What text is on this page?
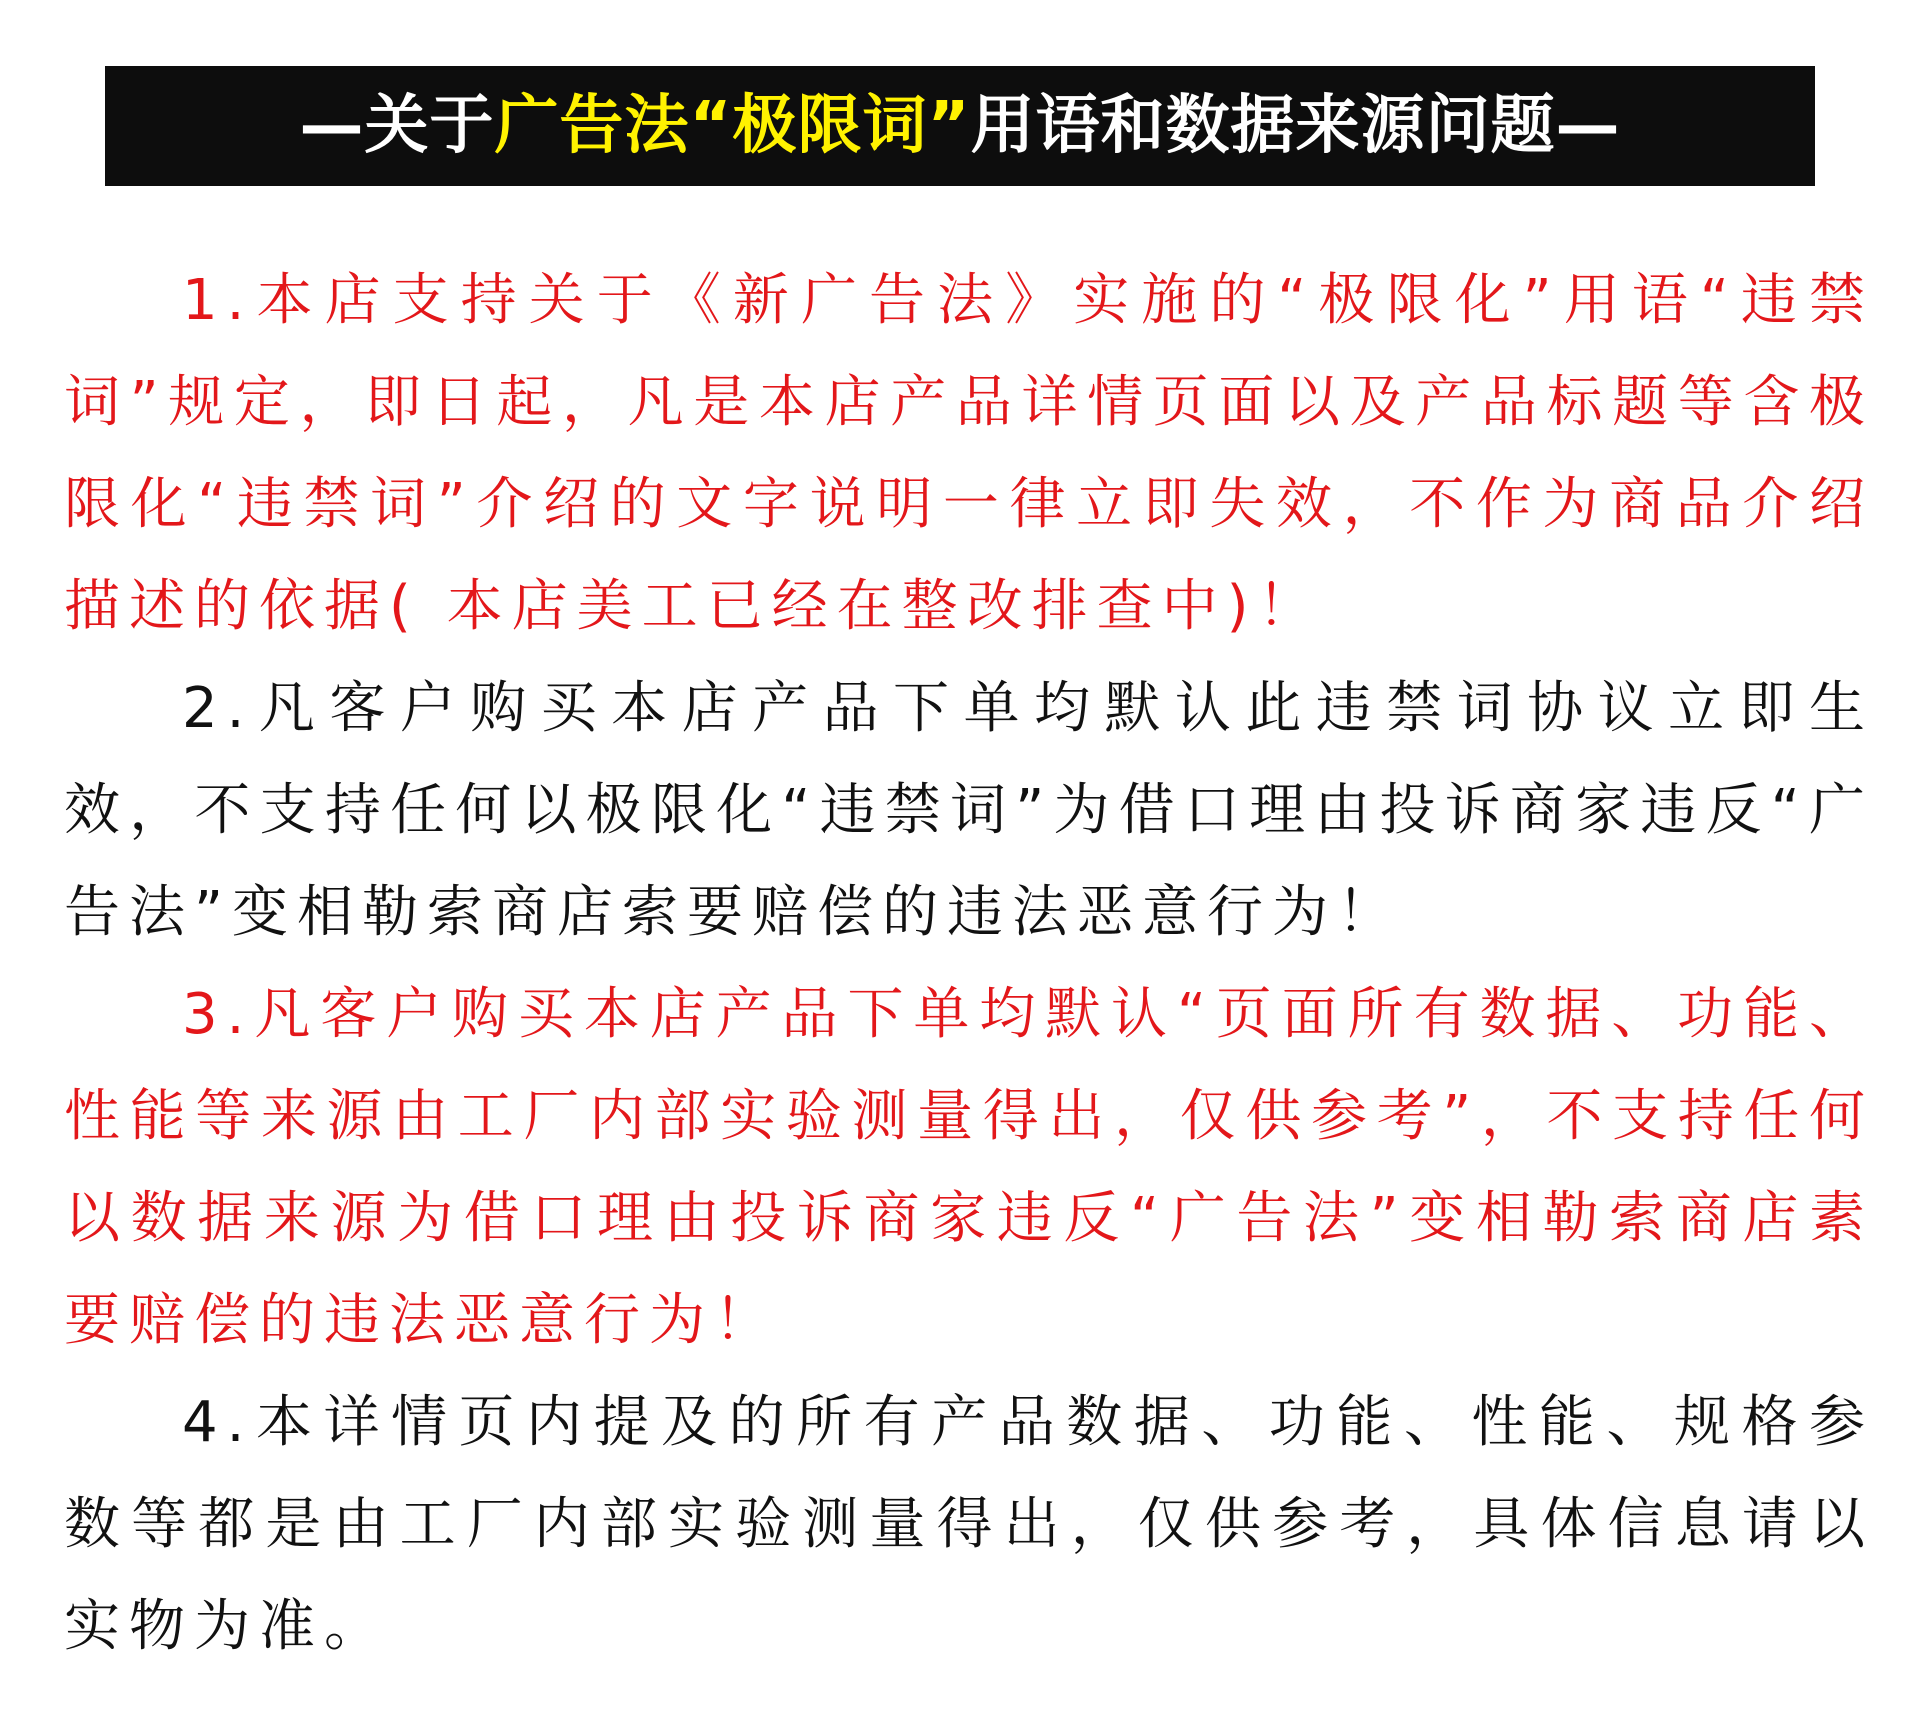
—关于广告法“极限词”用语和数据来源问题—

1.本店支持关于《新广告法》实施的“极限化”用语“违禁词”规定，即日起，凡是本店产品详情页面以及产品标题等含极限化“违禁词”介绍的文字说明一律立即失效，不作为商品介绍描述的依据( 本店美工已经在整改排查中)！

2.凡客户购买本店产品下单均默认此违禁词协议立即生效，不支持任何以极限化“违禁词”为借口理由投诉商家违反“广告法”变相勒索商店索要赔偿的违法恶意行为！

3.凡客户购买本店产品下单均默认“页面所有数据、功能、性能等来源由工厂内部实验测量得出，仅供参考”，不支持任何以数据来源为借口理由投诉商家违反“广告法”变相勒索商店素要赔偿的违法恶意行为！

4.本详情页内提及的所有产品数据、功能、性能、规格参数等都是由工厂内部实验测量得出，仅供参考，具体信息请以实物为准。
